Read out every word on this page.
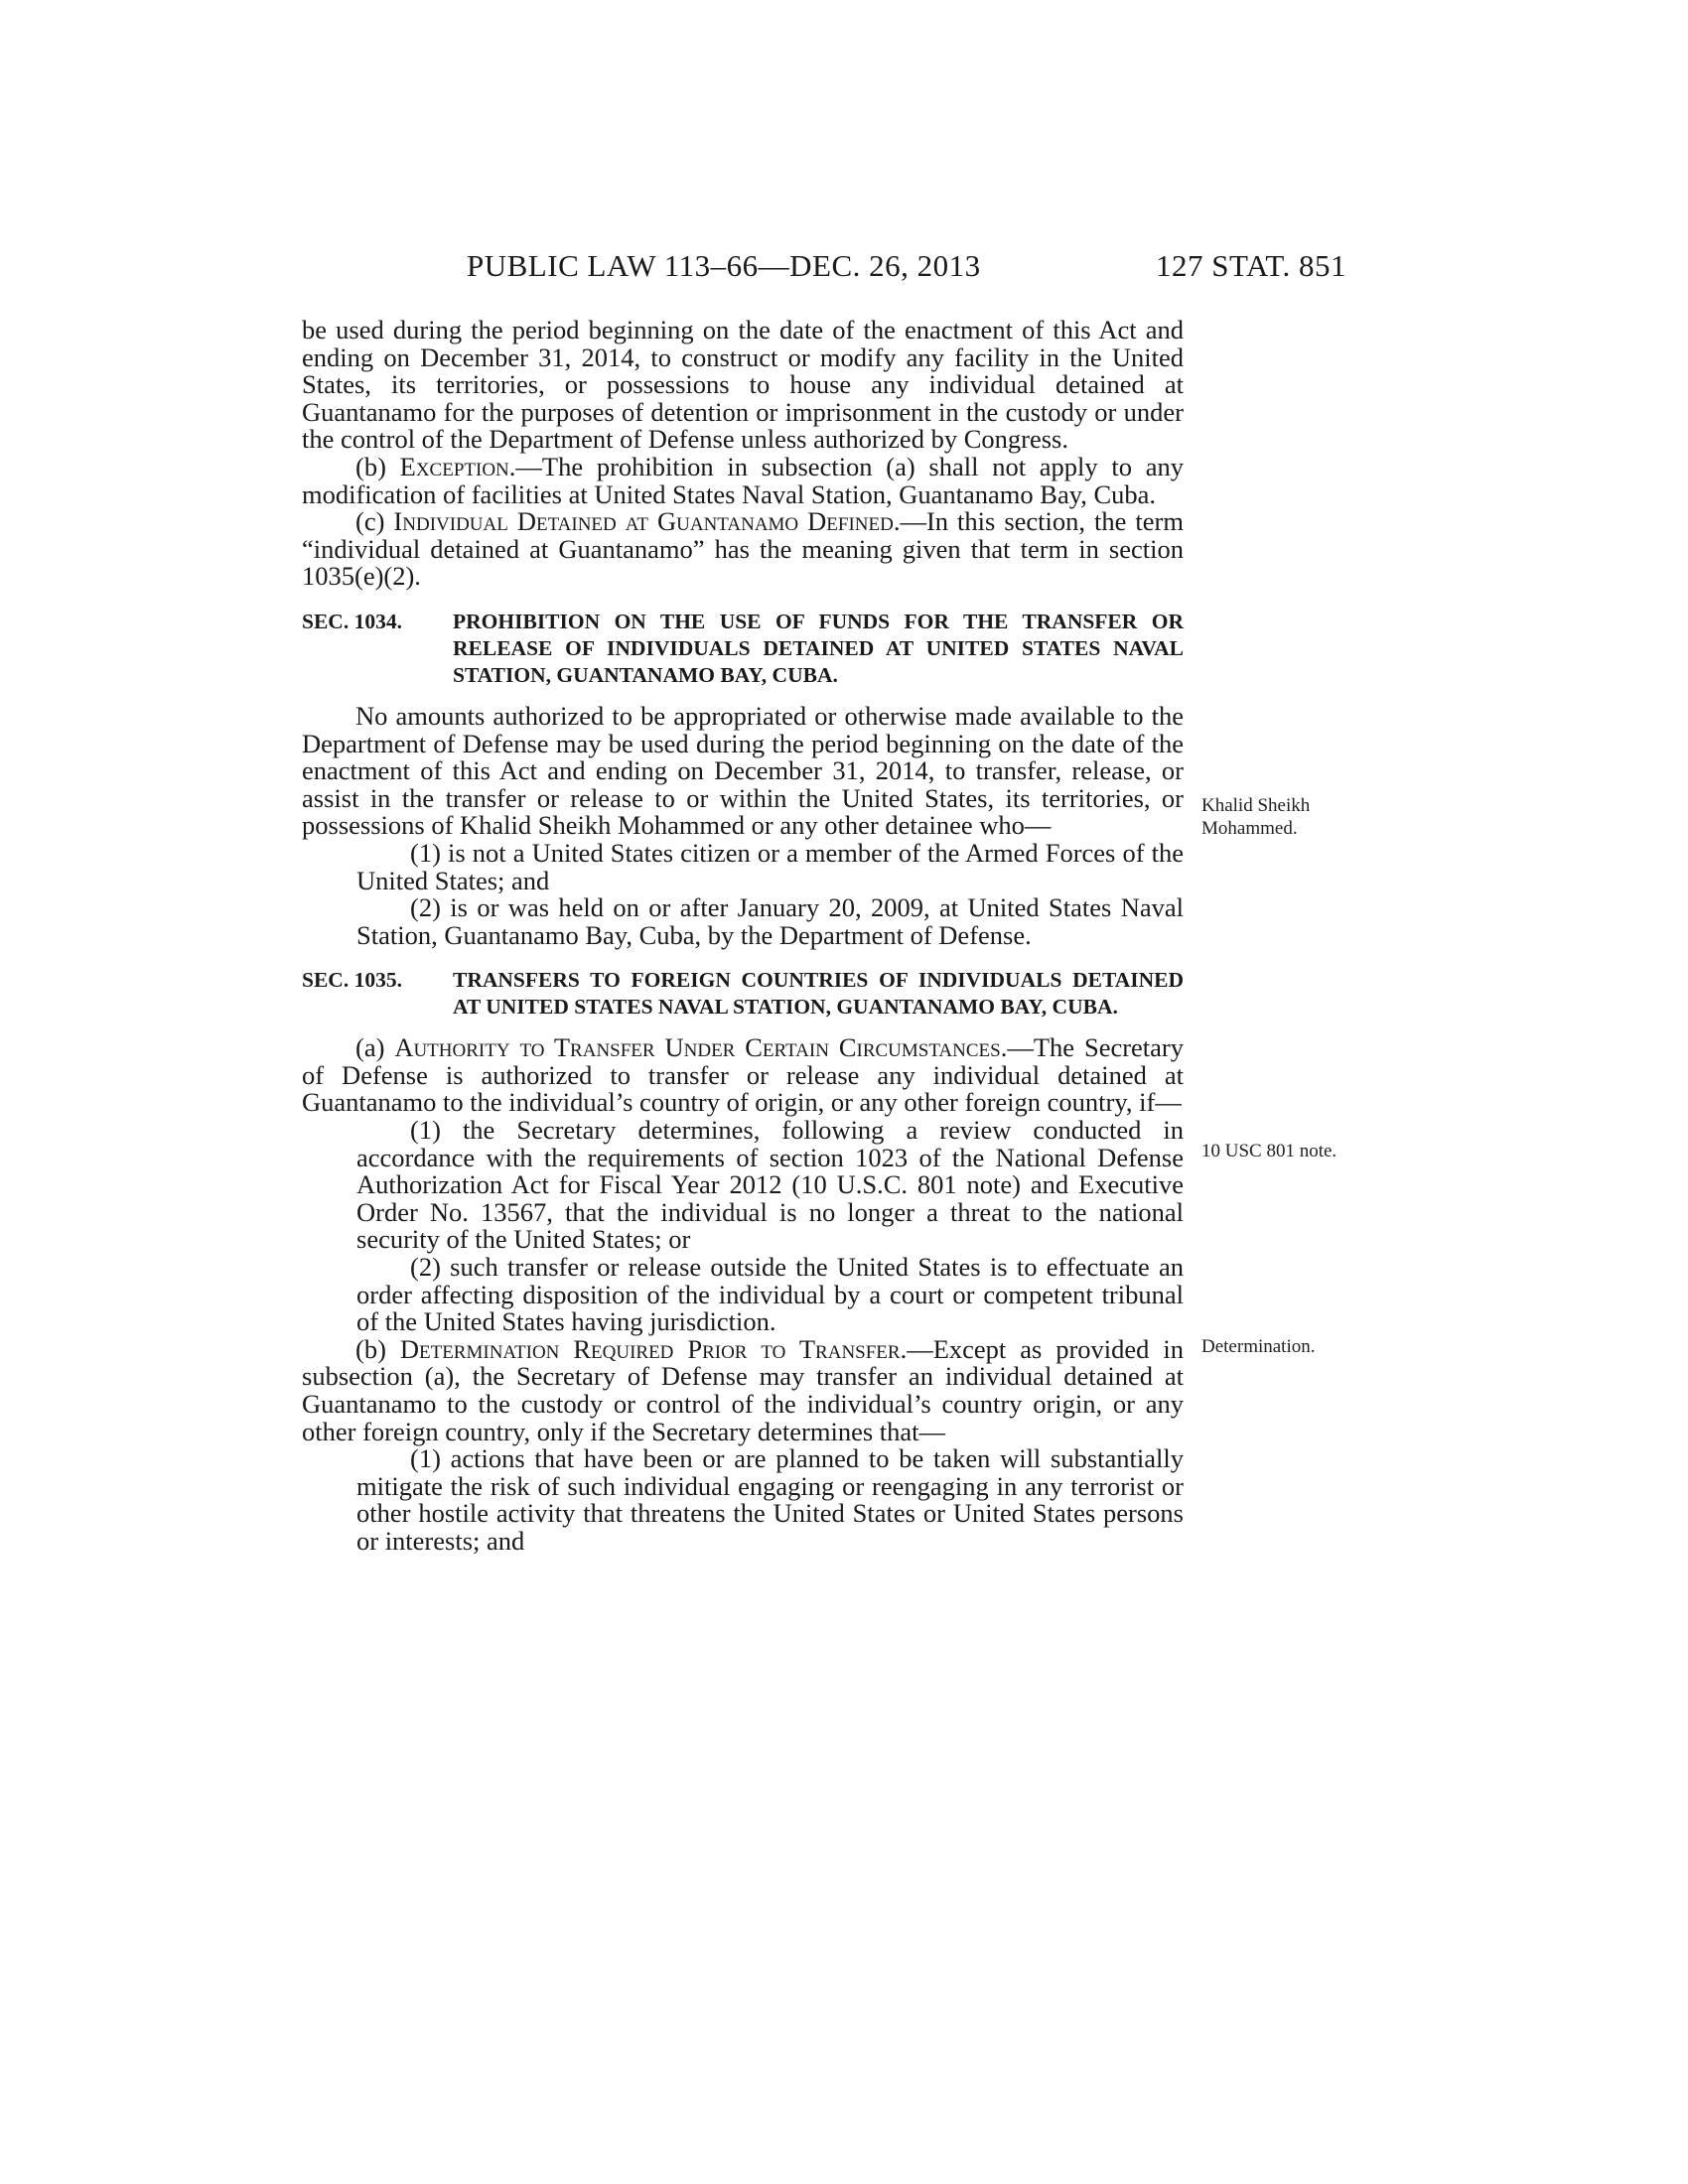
PUBLIC LAW 113–66—DEC. 26, 2013	127 STAT. 851
Khalid Sheikh Mohammed.
10 USC 801 note.
Determination.

be used during the period beginning on the date of the enactment of this Act and ending on December 31, 2014, to construct or modify any facility in the United States, its territories, or possessions to house any individual detained at Guantanamo for the purposes of detention or imprisonment in the custody or under the control of the Department of Defense unless authorized by Congress.

(b) Exception.—The prohibition in subsection (a) shall not apply to any modification of facilities at United States Naval Station, Guantanamo Bay, Cuba.

(c) Individual Detained at Guantanamo Defined.—In this section, the term “individual detained at Guantanamo” has the meaning given that term in section 1035(e)(2).

SEC. 1034.	PROHIBITION ON THE USE OF FUNDS FOR THE TRANSFER OR RELEASE OF INDIVIDUALS DETAINED AT UNITED STATES NAVAL STATION, GUANTANAMO BAY, CUBA.

No amounts authorized to be appropriated or otherwise made available to the Department of Defense may be used during the period beginning on the date of the enactment of this Act and ending on December 31, 2014, to transfer, release, or assist in the transfer or release to or within the United States, its territories, or possessions of Khalid Sheikh Mohammed or any other detainee who—

(1) is not a United States citizen or a member of the Armed Forces of the United States; and

(2) is or was held on or after January 20, 2009, at United States Naval Station, Guantanamo Bay, Cuba, by the Department of Defense.

SEC. 1035.	TRANSFERS TO FOREIGN COUNTRIES OF INDIVIDUALS DETAINED AT UNITED STATES NAVAL STATION, GUANTANAMO BAY, CUBA.

(a) Authority to Transfer Under Certain Circumstances.—The Secretary of Defense is authorized to transfer or release any individual detained at Guantanamo to the individual’s country of origin, or any other foreign country, if—

(1) the Secretary determines, following a review conducted in accordance with the requirements of section 1023 of the National Defense Authorization Act for Fiscal Year 2012 (10 U.S.C. 801 note) and Executive Order No. 13567, that the individual is no longer a threat to the national security of the United States; or

(2) such transfer or release outside the United States is to effectuate an order affecting disposition of the individual by a court or competent tribunal of the United States having jurisdiction.

(b) Determination Required Prior to Transfer.—Except as provided in subsection (a), the Secretary of Defense may transfer an individual detained at Guantanamo to the custody or control of the individual’s country origin, or any other foreign country, only if the Secretary determines that—

(1) actions that have been or are planned to be taken will substantially mitigate the risk of such individual engaging or reengaging in any terrorist or other hostile activity that threatens the United States or United States persons or interests; and
